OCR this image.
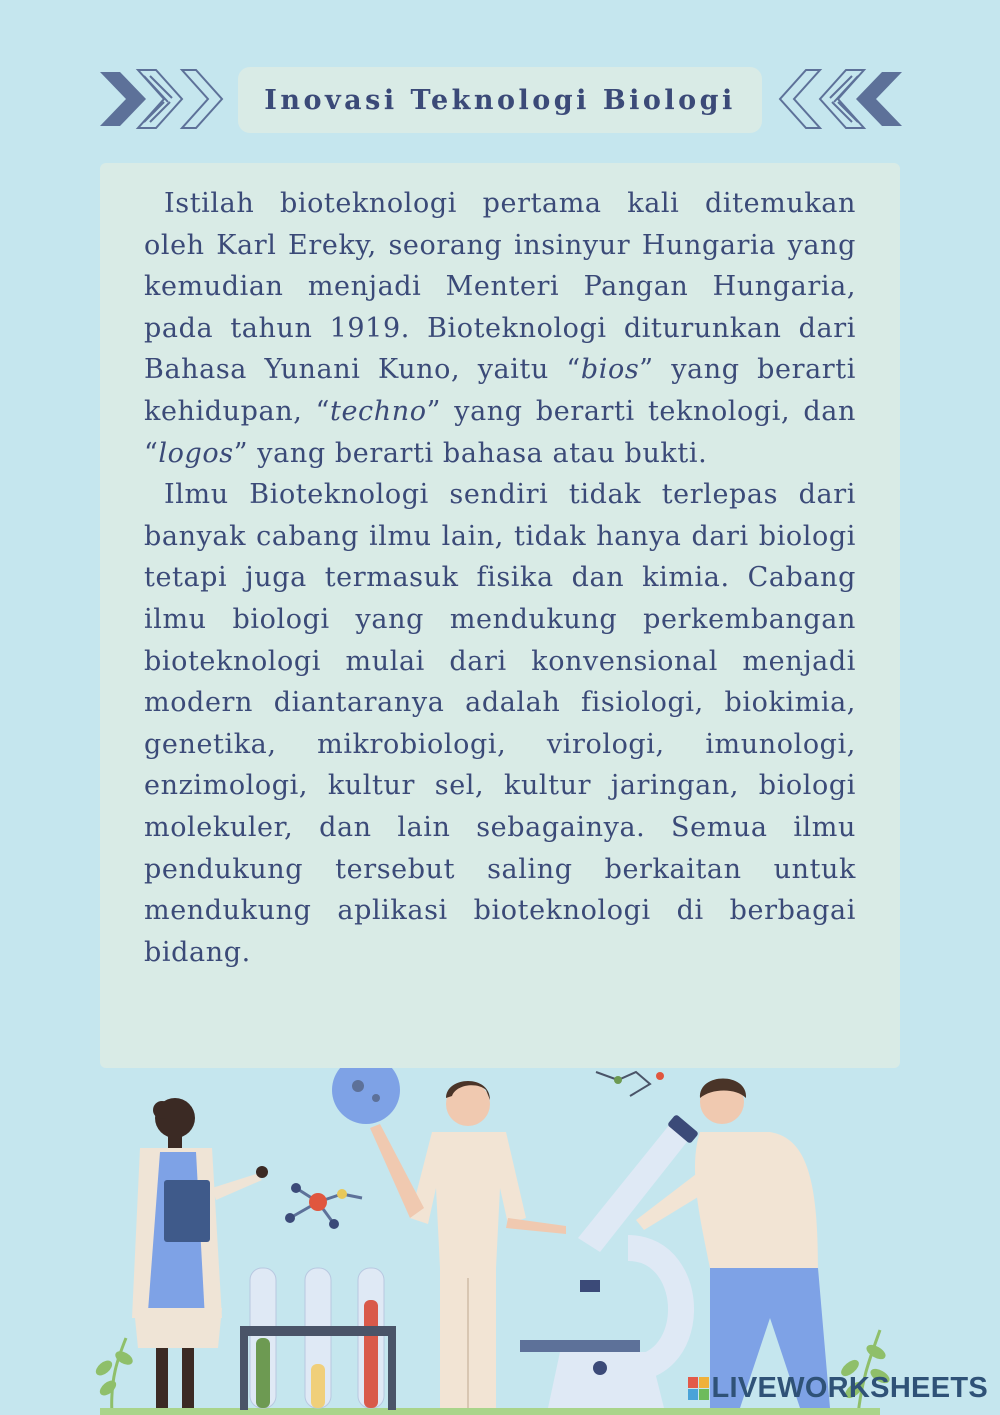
Inovasi Teknologi Biologi

Istilah bioteknologi pertama kali ditemukan oleh Karl Ereky, seorang insinyur Hungaria yang kemudian menjadi Menteri Pangan Hungaria, pada tahun 1919. Bioteknologi diturunkan dari Bahasa Yunani Kuno, yaitu “bios” yang berarti kehidupan, “techno” yang berarti teknologi, dan “logos” yang berarti bahasa atau bukti.

Ilmu Bioteknologi sendiri tidak terlepas dari banyak cabang ilmu lain, tidak hanya dari biologi tetapi juga termasuk fisika dan kimia. Cabang ilmu biologi yang mendukung perkembangan bioteknologi mulai dari konvensional menjadi modern diantaranya adalah fisiologi, biokimia, genetika, mikrobiologi, virologi, imunologi, enzimologi, kultur sel, kultur jaringan, biologi molekuler, dan lain sebagainya. Semua ilmu pendukung tersebut saling berkaitan untuk mendukung aplikasi bioteknologi di berbagai bidang.

LIVEWORKSHEETS
